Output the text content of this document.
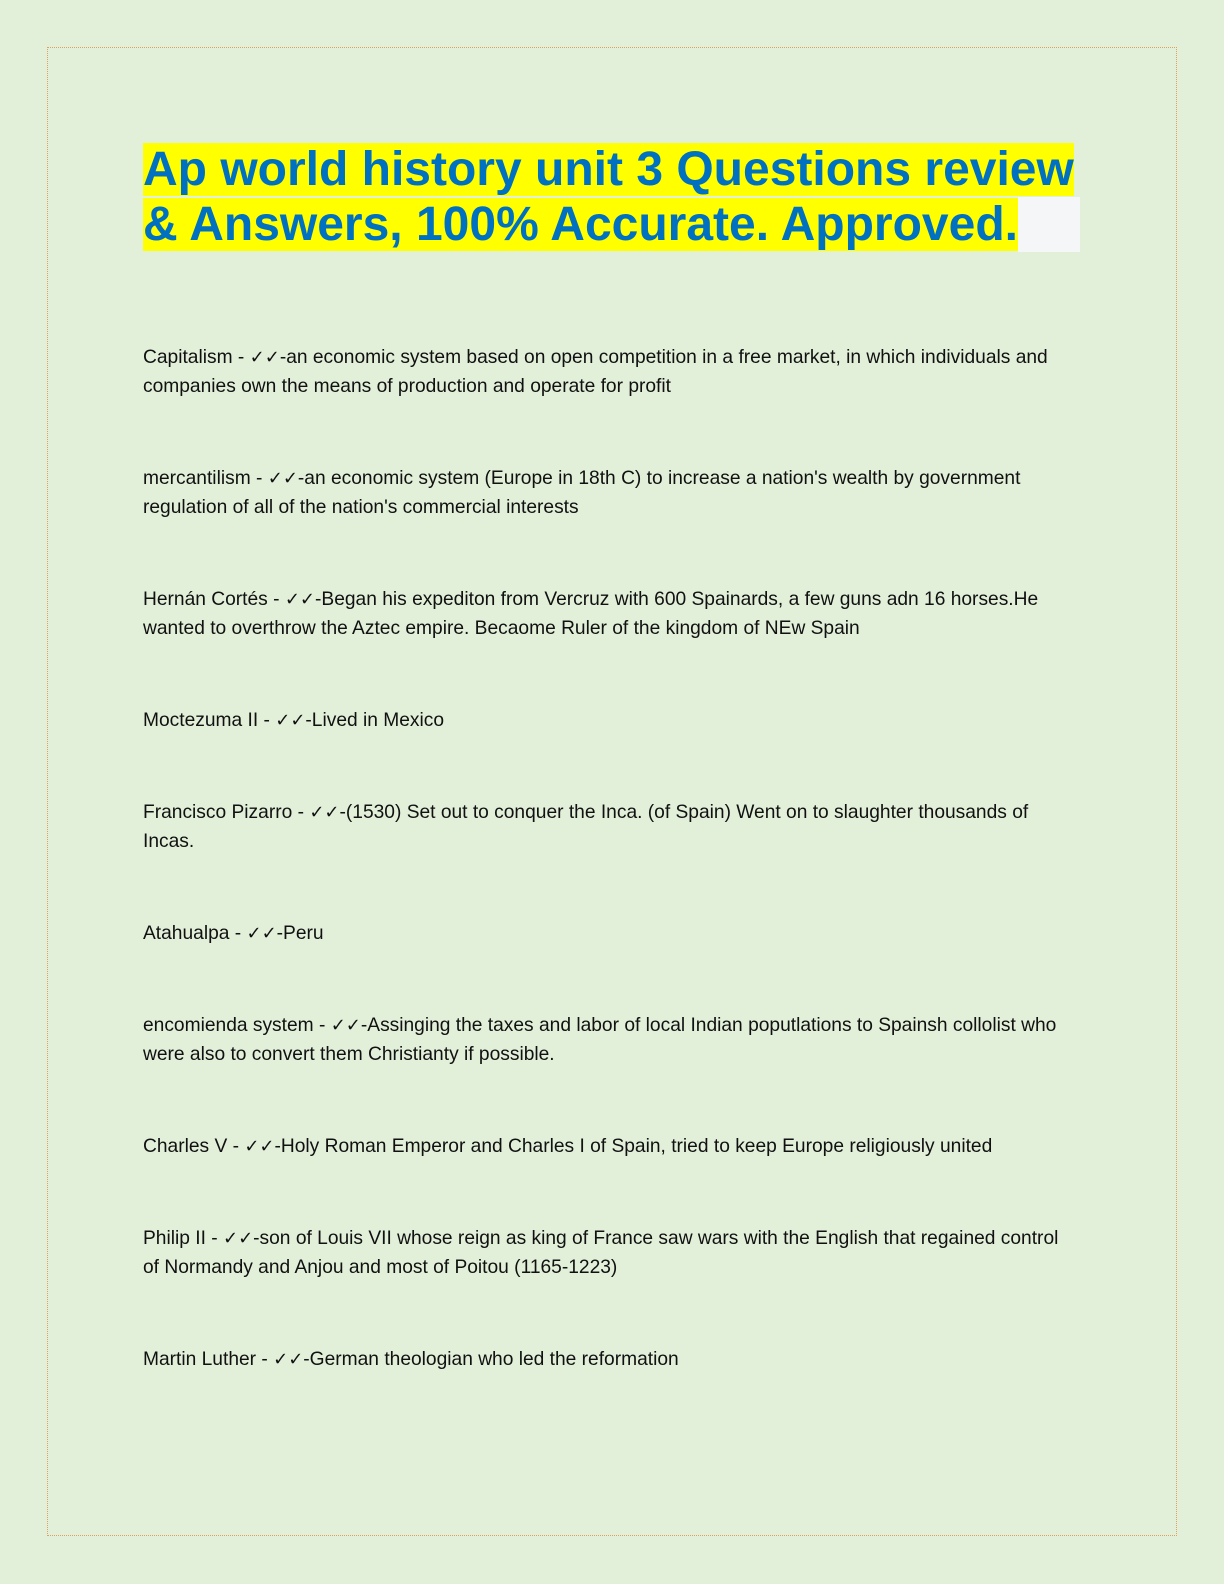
Ap world history unit 3 Questions review
& Answers, 100% Accurate. Approved.

Capitalism - ✓✓-an economic system based on open competition in a free market, in which individuals and companies own the means of production and operate for profit

mercantilism - ✓✓-an economic system (Europe in 18th C) to increase a nation's wealth by government regulation of all of the nation's commercial interests

Hernán Cortés - ✓✓-Began his expediton from Vercruz with 600 Spainards, a few guns adn 16 horses.He wanted to overthrow the Aztec empire. Becaome Ruler of the kingdom of NEw Spain

Moctezuma II - ✓✓-Lived in Mexico

Francisco Pizarro - ✓✓-(1530) Set out to conquer the Inca. (of Spain) Went on to slaughter thousands of Incas.

Atahualpa - ✓✓-Peru

encomienda system - ✓✓-Assinging the taxes and labor of local Indian poputlations to Spainsh collolist who were also to convert them Christianty if possible.

Charles V - ✓✓-Holy Roman Emperor and Charles I of Spain, tried to keep Europe religiously united

Philip II - ✓✓-son of Louis VII whose reign as king of France saw wars with the English that regained control of Normandy and Anjou and most of Poitou (1165-1223)

Martin Luther - ✓✓-German theologian who led the reformation
